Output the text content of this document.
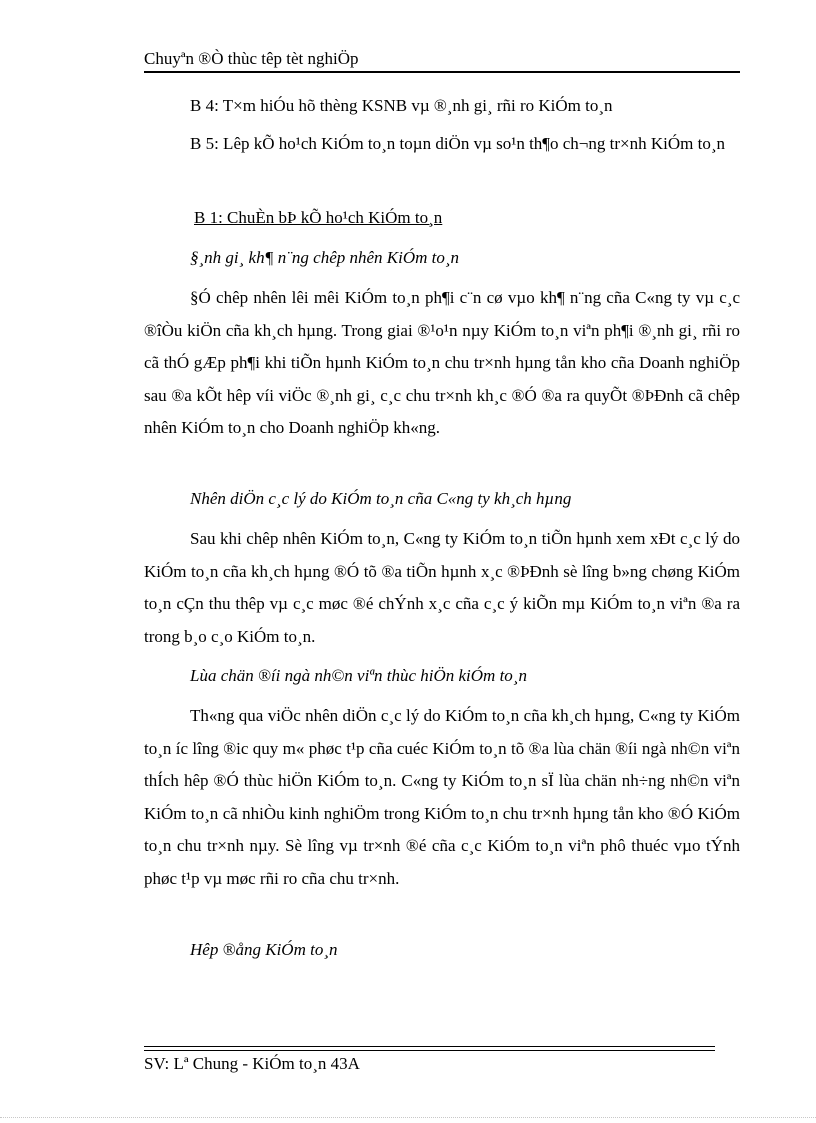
Chuyªn ®Ò thùc têp tèt nghiÖp
B 4: T×m hiÓu hõ thèng KSNB vµ ®¸nh gi¸ rñi ro KiÓm to¸n
B 5: Lêp kÕ ho¹ch KiÓm to¸n toµn diÖn vµ so¹n th¶o ch¬ng tr×nh KiÓm to¸n
B 1: ChuÈn bÞ kÕ ho¹ch KiÓm to¸n
§¸nh gi¸ kh¶ n¨ng chêp nhên KiÓm to¸n
§Ó chêp nhên lêi mêi KiÓm to¸n ph¶i c¨n cø vµo kh¶ n¨ng cña C«ng ty vµ c¸c ®îÒu kiÖn cña kh¸ch hµng. Trong giai ®¹o¹n nµy KiÓm to¸n viªn ph¶i ®¸nh gi¸ rñi ro cã thÓ gÆp ph¶i khi tiÕn hµnh KiÓm to¸n chu tr×nh hµng tån kho cña Doanh nghiÖp sau ®a kÕt hêp víi viÖc ®¸nh gi¸ c¸c chu tr×nh kh¸c ®Ó ®a ra quyÕt ®ÞÐnh cã chêp nhên KiÓm to¸n cho Doanh nghiÖp kh«ng.
Nhên diÖn c¸c lý do KiÓm to¸n cña C«ng ty kh¸ch hµng
Sau khi chêp nhên KiÓm to¸n, C«ng ty KiÓm to¸n tiÕn hµnh xem xÐt c¸c lý do KiÓm to¸n cña kh¸ch hµng ®Ó tõ ®a tiÕn hµnh x¸c ®ÞÐnh sè lîng b»ng chøng KiÓm to¸n cÇn thu thêp vµ c¸c møc ®é chÝnh x¸c cña c¸c ý kiÕn mµ KiÓm to¸n viªn ®a ra trong b¸o c¸o KiÓm to¸n.
Lùa chän ®íi ngà nh©n viªn thùc hiÖn kiÓm to¸n
Th«ng qua viÖc nhên diÖn c¸c lý do KiÓm to¸n cña kh¸ch hµng, C«ng ty KiÓm to¸n íc lîng ®ic quy m« phøc t¹p cña cuéc KiÓm to¸n tõ ®a lùa chän ®íi ngà nh©n viªn thÍch hêp ®Ó thùc hiÖn KiÓm to¸n. C«ng ty KiÓm to¸n sÏ lùa chän nh÷ng nh©n viªn KiÓm to¸n cã nhiÒu kinh nghiÖm trong KiÓm to¸n chu tr×nh hµng tån kho ®Ó KiÓm to¸n chu tr×nh nµy. Sè lîng vµ tr×nh ®é cña c¸c KiÓm to¸n viªn phô thuéc vµo tÝnh phøc t¹p vµ møc rñi ro cña chu tr×nh.
Hêp ®ång KiÓm to¸n
SV: Lª Chung - KiÓm to¸n 43A
